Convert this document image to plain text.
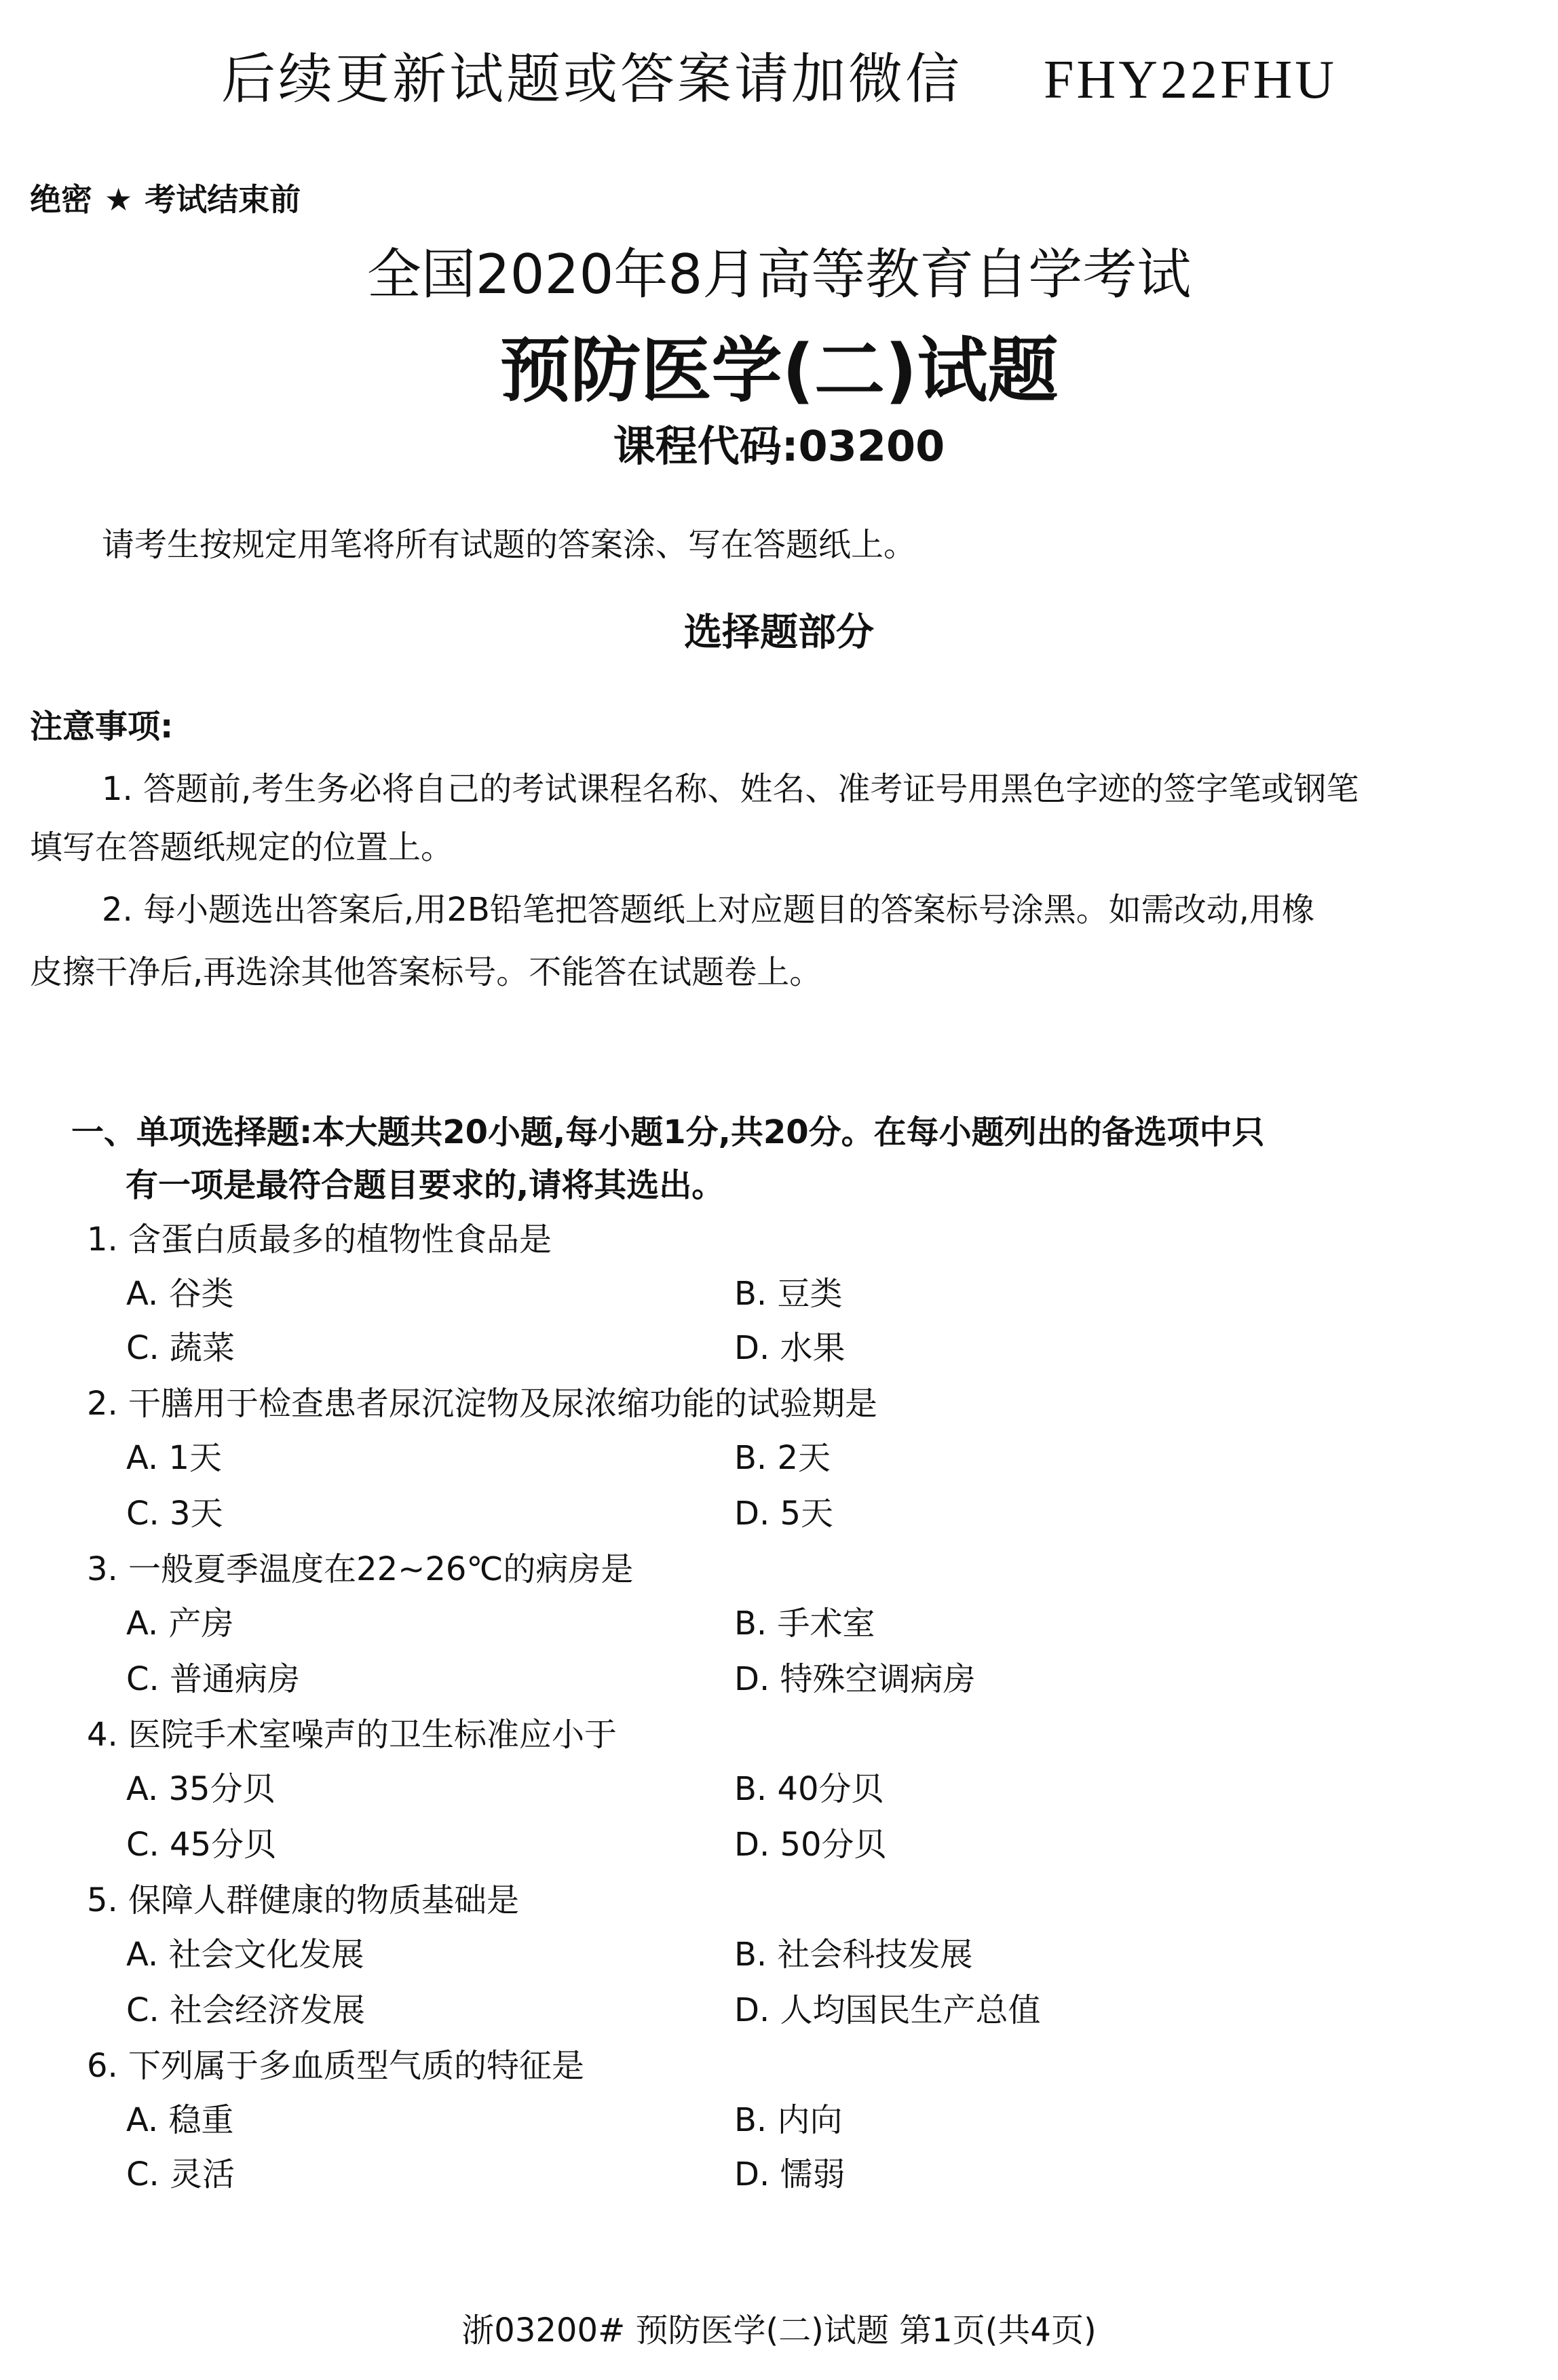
后续更新试题或答案请加微信 FHY22FHU
绝密 ★ 考试结束前
全国2020年8月高等教育自学考试
预防医学(二)试题
课程代码:03200
请考生按规定用笔将所有试题的答案涂、写在答题纸上。
选择题部分
注意事项:
1. 答题前,考生务必将自己的考试课程名称、姓名、准考证号用黑色字迹的签字笔或钢笔
填写在答题纸规定的位置上。
2. 每小题选出答案后,用2B铅笔把答题纸上对应题目的答案标号涂黑。如需改动,用橡
皮擦干净后,再选涂其他答案标号。不能答在试题卷上。
一、单项选择题:本大题共20小题,每小题1分,共20分。在每小题列出的备选项中只
有一项是最符合题目要求的,请将其选出。
1. 含蛋白质最多的植物性食品是
A. 谷类	B. 豆类
C. 蔬菜	D. 水果
2. 干膳用于检查患者尿沉淀物及尿浓缩功能的试验期是
A. 1天	B. 2天
C. 3天	D. 5天
3. 一般夏季温度在22~26℃的病房是
A. 产房	B. 手术室
C. 普通病房	D. 特殊空调病房
4. 医院手术室噪声的卫生标准应小于
A. 35分贝	B. 40分贝
C. 45分贝	D. 50分贝
5. 保障人群健康的物质基础是
A. 社会文化发展	B. 社会科技发展
C. 社会经济发展	D. 人均国民生产总值
6. 下列属于多血质型气质的特征是
A. 稳重	B. 内向
C. 灵活	D. 懦弱
浙03200# 预防医学(二)试题 第1页(共4页)
